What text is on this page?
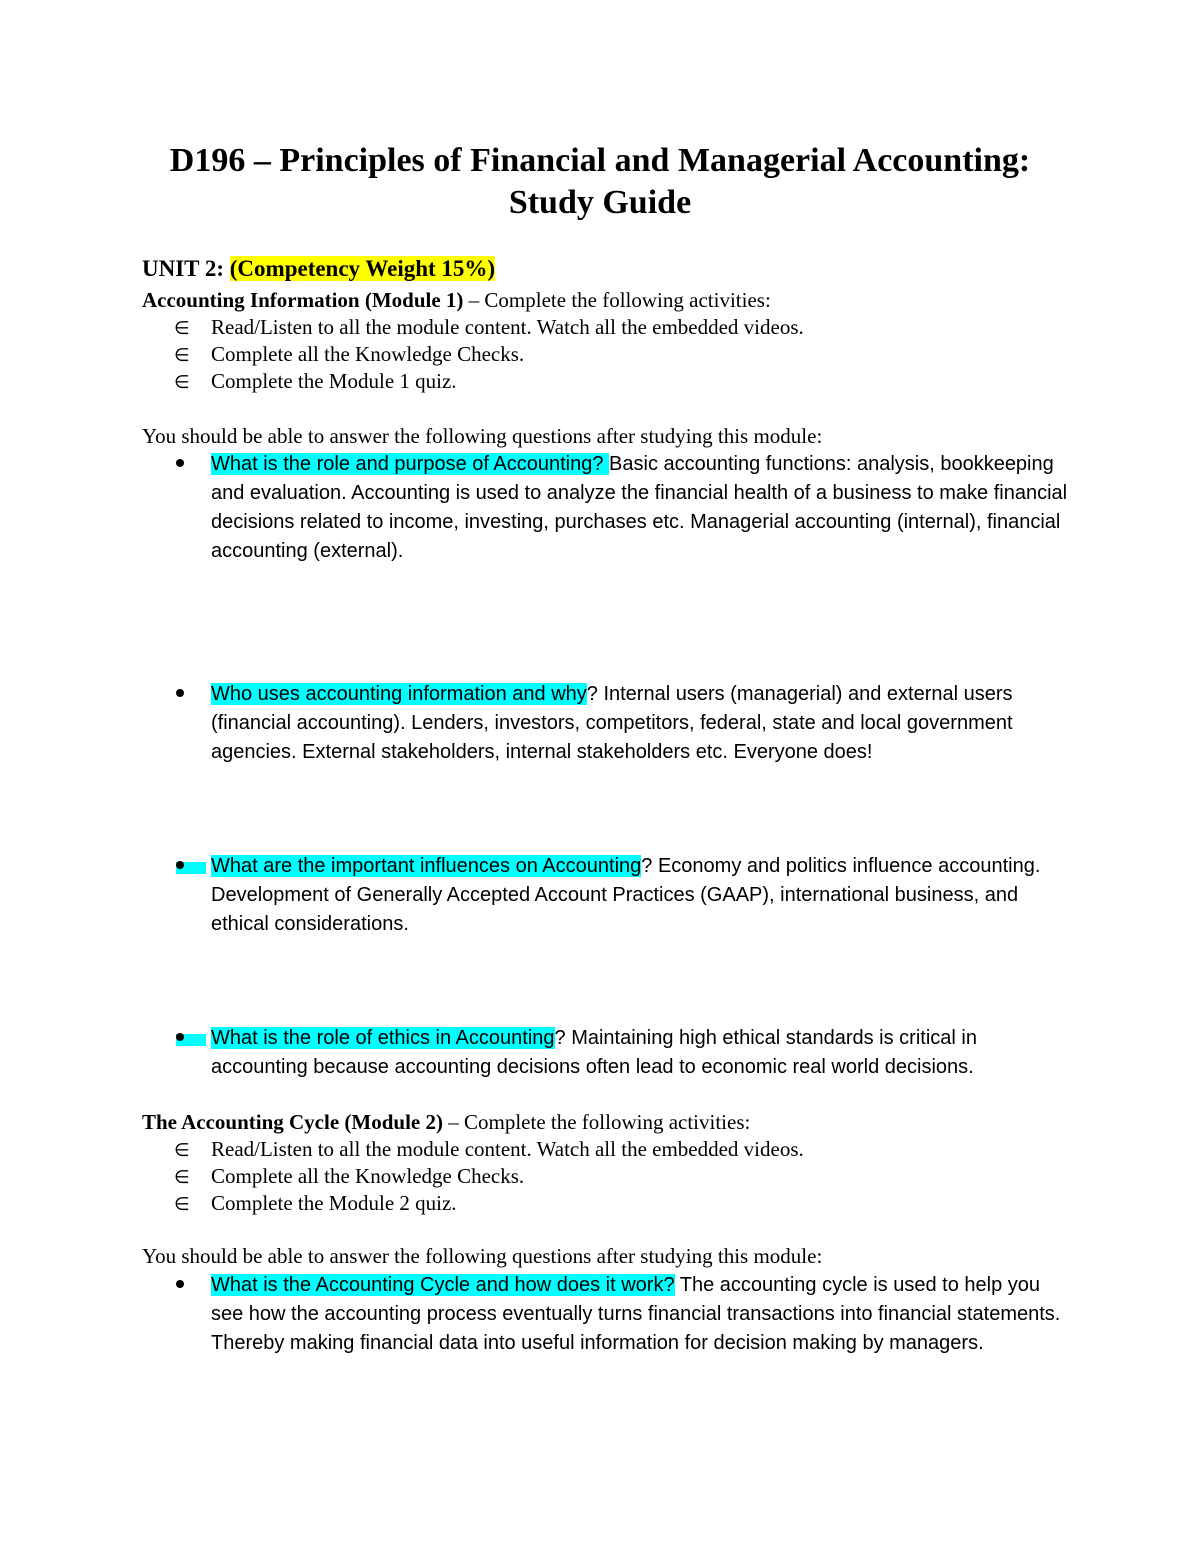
D196 – Principles of Financial and Managerial Accounting:
Study Guide
UNIT 2: (Competency Weight 15%)
Accounting Information (Module 1) – Complete the following activities:
∈ Read/Listen to all the module content. Watch all the embedded videos.
∈ Complete all the Knowledge Checks.
∈ Complete the Module 1 quiz.
You should be able to answer the following questions after studying this module:
What is the role and purpose of Accounting? Basic accounting functions: analysis, bookkeeping and evaluation. Accounting is used to analyze the financial health of a business to make financial decisions related to income, investing, purchases etc. Managerial accounting (internal), financial accounting (external).
Who uses accounting information and why? Internal users (managerial) and external users (financial accounting). Lenders, investors, competitors, federal, state and local government agencies. External stakeholders, internal stakeholders etc. Everyone does!
What are the important influences on Accounting? Economy and politics influence accounting. Development of Generally Accepted Account Practices (GAAP), international business, and ethical considerations.
What is the role of ethics in Accounting? Maintaining high ethical standards is critical in accounting because accounting decisions often lead to economic real world decisions.
The Accounting Cycle (Module 2) – Complete the following activities:
∈ Read/Listen to all the module content. Watch all the embedded videos.
∈ Complete all the Knowledge Checks.
∈ Complete the Module 2 quiz.
You should be able to answer the following questions after studying this module:
What is the Accounting Cycle and how does it work? The accounting cycle is used to help you see how the accounting process eventually turns financial transactions into financial statements. Thereby making financial data into useful information for decision making by managers.
